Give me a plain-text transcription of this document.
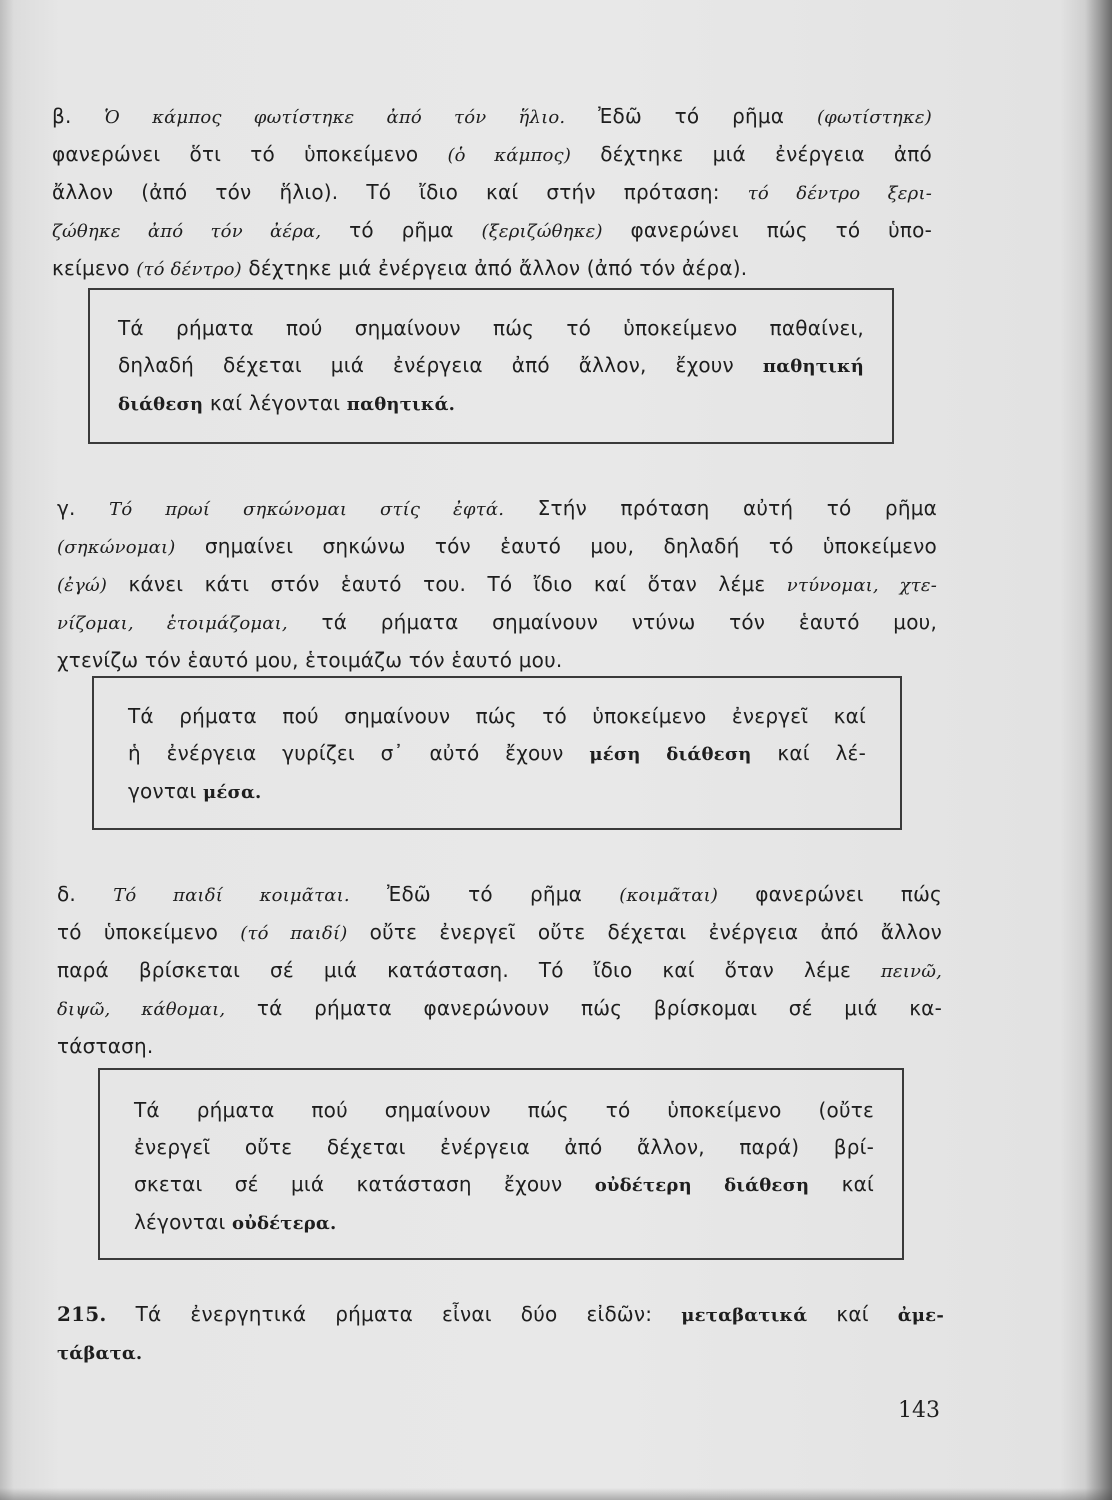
β. Ὁ κάμπος φωτίστηκε ἀπό τόν ἥλιο. Ἐδῶ τό ρῆμα (φωτίστηκε)
φανερώνει ὅτι τό ὑποκείμενο (ὁ κάμπος) δέχτηκε μιά ἐνέργεια ἀπό
ἄλλον (ἀπό τόν ἥλιο). Τό ἴδιο καί στήν πρόταση: τό δέντρο ξερι-
ζώθηκε ἀπό τόν ἀέρα, τό ρῆμα (ξεριζώθηκε) φανερώνει πώς τό ὑπο-
κείμενο (τό δέντρο) δέχτηκε μιά ἐνέργεια ἀπό ἄλλον (ἀπό τόν ἀέρα).
Τά ρήματα πού σημαίνουν πώς τό ὑποκείμενο παθαίνει,
δηλαδή δέχεται μιά ἐνέργεια ἀπό ἄλλον, ἔχουν παθητική
διάθεση καί λέγονται παθητικά.
γ. Τό πρωί σηκώνομαι στίς ἐφτά. Στήν πρόταση αὐτή τό ρῆμα
(σηκώνομαι) σημαίνει σηκώνω τόν ἑαυτό μου, δηλαδή τό ὑποκείμενο
(ἐγώ) κάνει κάτι στόν ἑαυτό του. Τό ἴδιο καί ὅταν λέμε ντύνομαι, χτε-
νίζομαι, ἑτοιμάζομαι, τά ρήματα σημαίνουν ντύνω τόν ἑαυτό μου,
χτενίζω τόν ἑαυτό μου, ἑτοιμάζω τόν ἑαυτό μου.
Τά ρήματα πού σημαίνουν πώς τό ὑποκείμενο ἐνεργεῖ καί
ἡ ἐνέργεια γυρίζει σ᾿ αὐτό ἔχουν μέση διάθεση καί λέ-
γονται μέσα.
δ. Τό παιδί κοιμᾶται. Ἐδῶ τό ρῆμα (κοιμᾶται) φανερώνει πώς
τό ὑποκείμενο (τό παιδί) οὔτε ἐνεργεῖ οὔτε δέχεται ἐνέργεια ἀπό ἄλλον
παρά βρίσκεται σέ μιά κατάσταση. Τό ἴδιο καί ὅταν λέμε πεινῶ,
διψῶ, κάθομαι, τά ρήματα φανερώνουν πώς βρίσκομαι σέ μιά κα-
τάσταση.
Τά ρήματα πού σημαίνουν πώς τό ὑποκείμενο (οὔτε
ἐνεργεῖ οὔτε δέχεται ἐνέργεια ἀπό ἄλλον, παρά) βρί-
σκεται σέ μιά κατάσταση ἔχουν οὐδέτερη διάθεση καί
λέγονται οὐδέτερα.
215. Τά ἐνεργητικά ρήματα εἶναι δύο εἰδῶν: μεταβατικά καί ἀμε-
τάβατα.
143
